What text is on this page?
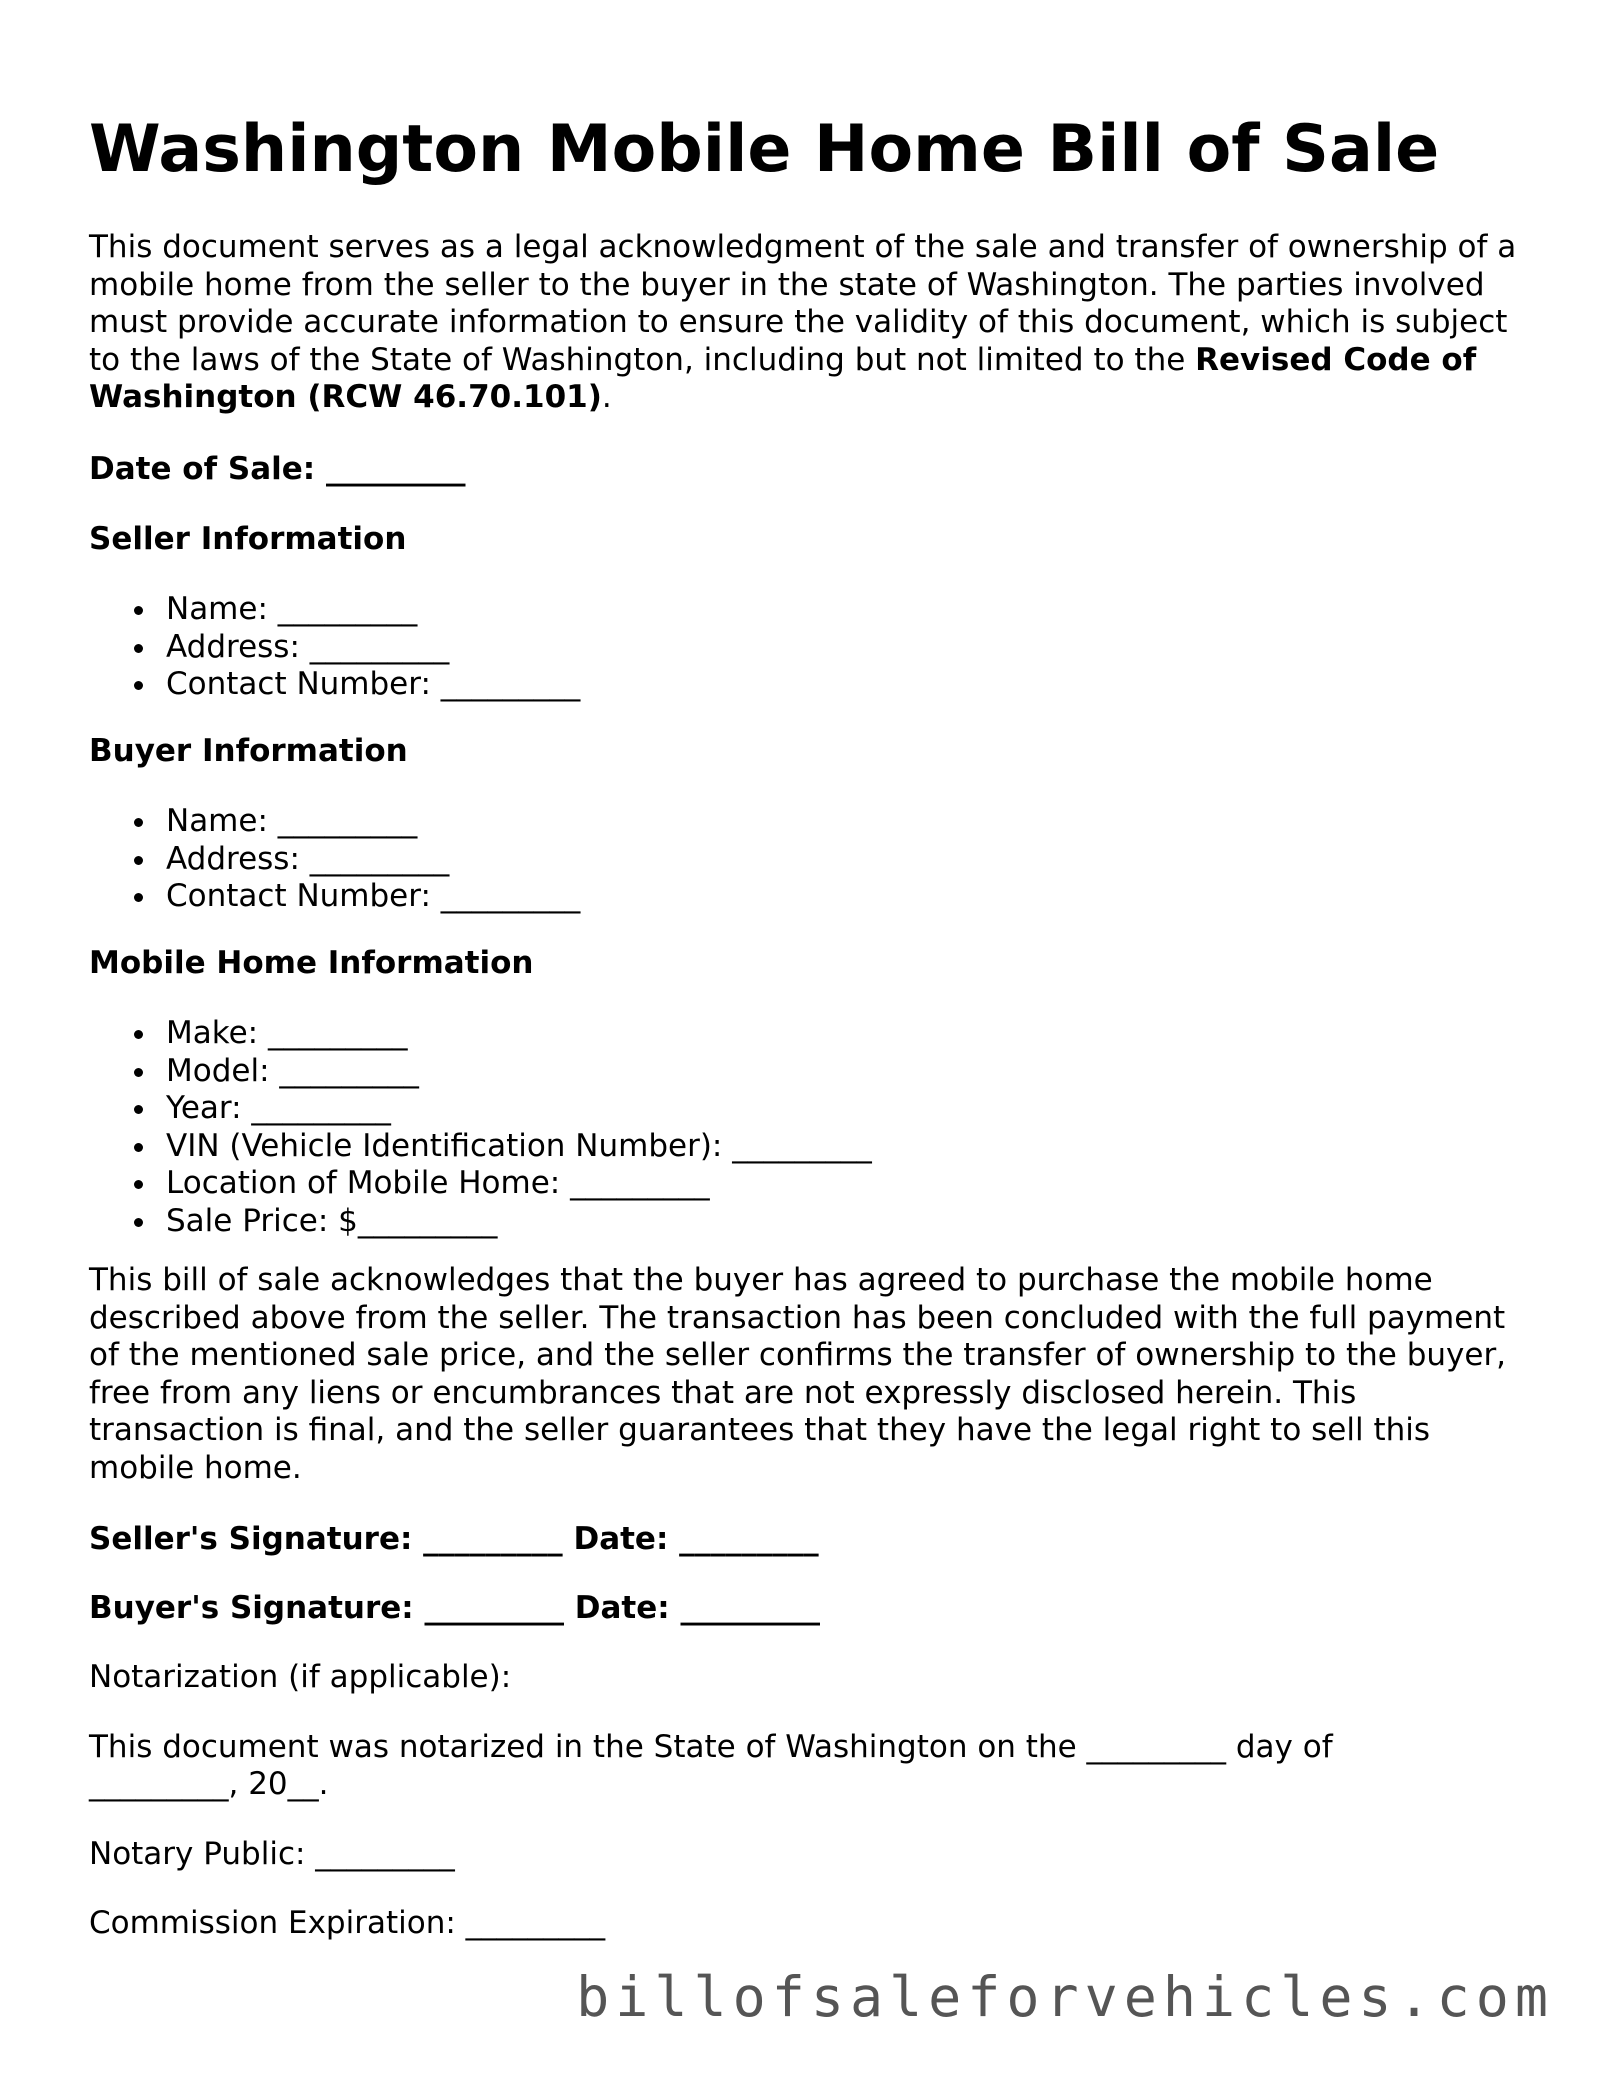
Washington Mobile Home Bill of Sale

This document serves as a legal acknowledgment of the sale and transfer of ownership of a mobile home from the seller to the buyer in the state of Washington. The parties involved must provide accurate information to ensure the validity of this document, which is subject to the laws of the State of Washington, including but not limited to the Revised Code of Washington (RCW 46.70.101).

Date of Sale: _________
Seller Information
Name: _________
Address: _________
Contact Number: _________
Buyer Information
Name: _________
Address: _________
Contact Number: _________
Mobile Home Information
Make: _________
Model: _________
Year: _________
VIN (Vehicle Identification Number): _________
Location of Mobile Home: _________
Sale Price: $_________

This bill of sale acknowledges that the buyer has agreed to purchase the mobile home described above from the seller. The transaction has been concluded with the full payment of the mentioned sale price, and the seller confirms the transfer of ownership to the buyer, free from any liens or encumbrances that are not expressly disclosed herein. This transaction is final, and the seller guarantees that they have the legal right to sell this mobile home.

Seller's Signature: _________ Date: _________
Buyer's Signature: _________ Date: _________
Notarization (if applicable):
This document was notarized in the State of Washington on the _________ day of
_________, 20__.
Notary Public: _________
Commission Expiration: _________
billofsaleforvehicles.com
